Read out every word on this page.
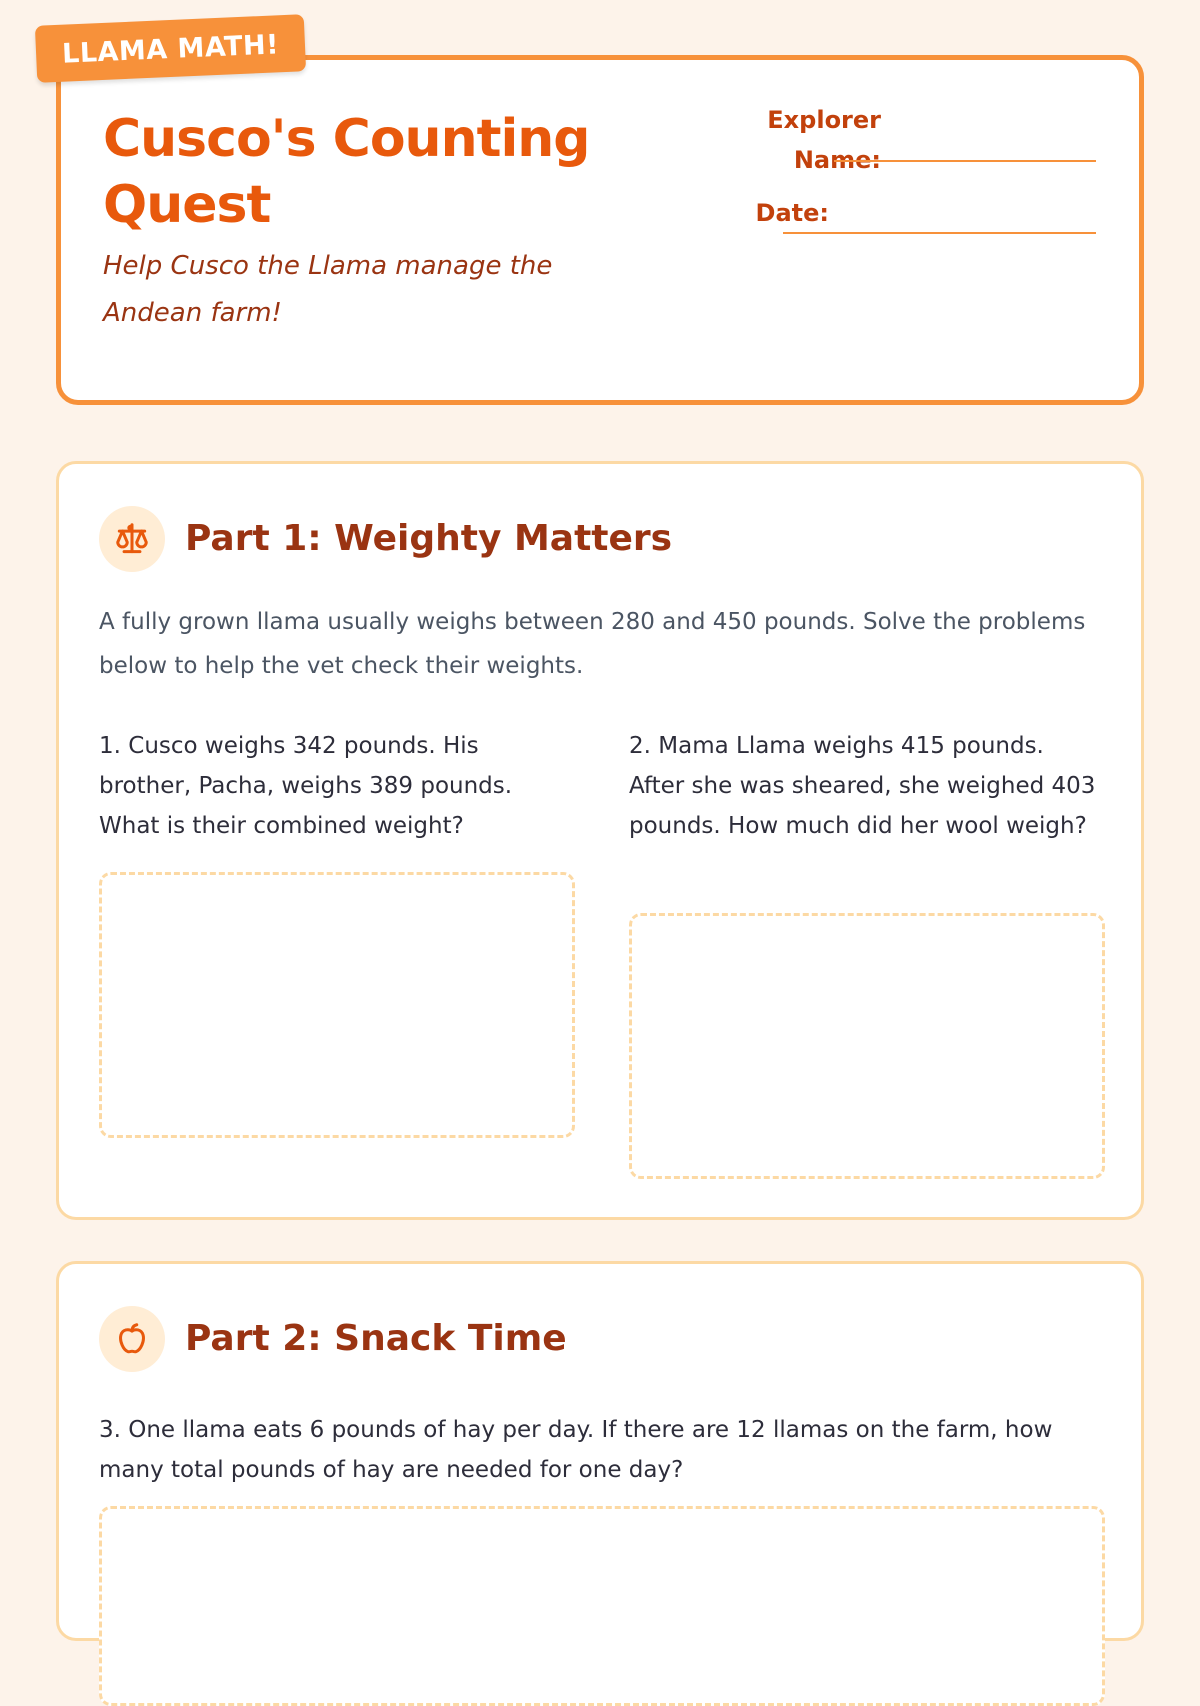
LLAMA MATH!
Cusco's Counting Quest

Help Cusco the Llama manage the Andean farm!

Explorer
Name:
Date:
Part 1: Weighty Matters

A fully grown llama usually weighs between 280 and 450 pounds. Solve the problems below to help the vet check their weights.

1. Cusco weighs 342 pounds. His brother, Pacha, weighs 389 pounds. What is their combined weight?

2. Mama Llama weighs 415 pounds. After she was sheared, she weighed 403 pounds. How much did her wool weigh?

Part 2: Snack Time

3. One llama eats 6 pounds of hay per day. If there are 12 llamas on the farm, how many total pounds of hay are needed for one day?
